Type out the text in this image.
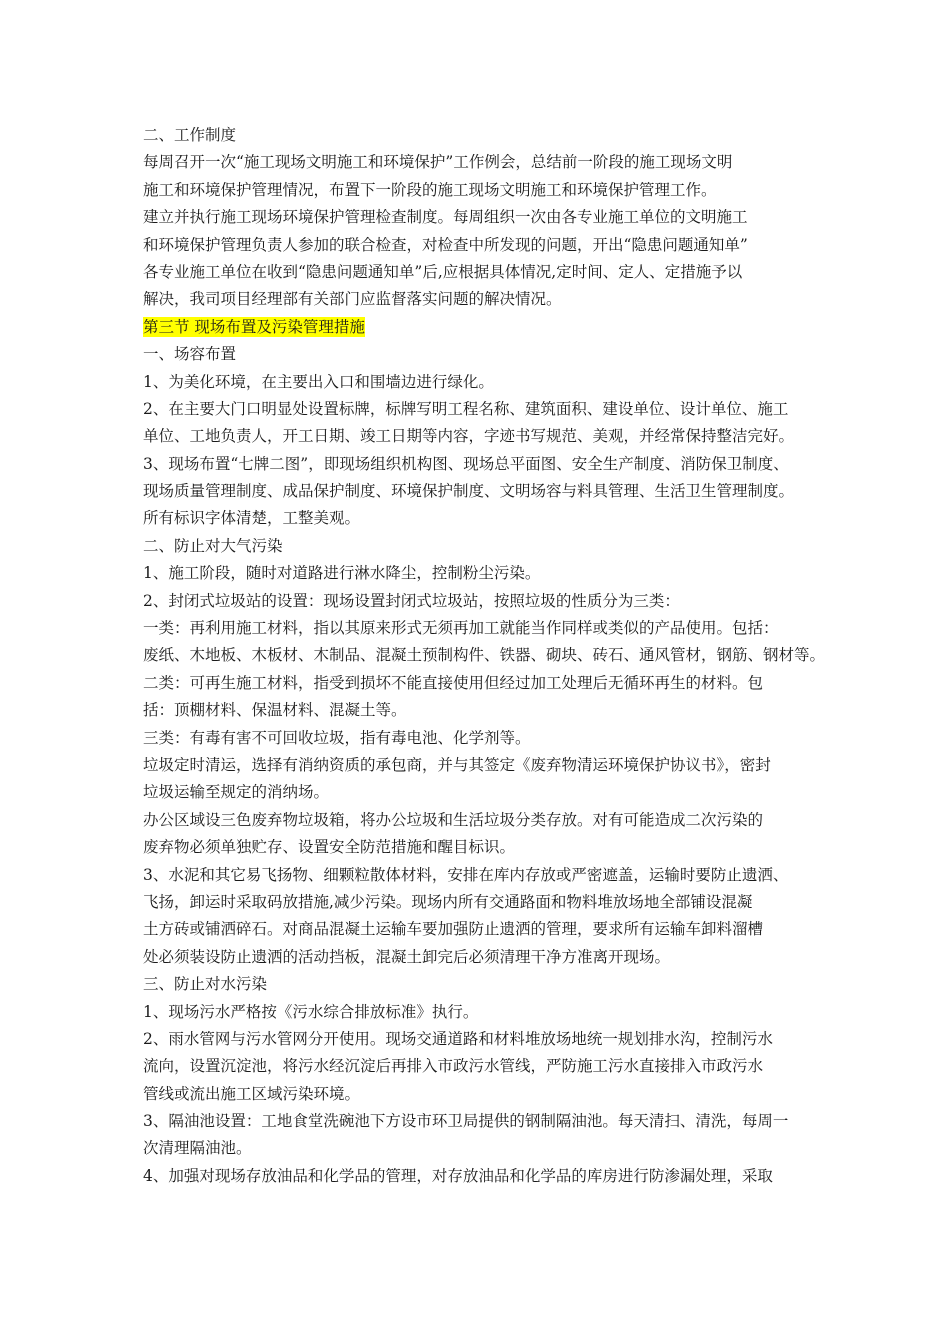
二、工作制度
每周召开一次“施工现场文明施工和环境保护”工作例会，总结前一阶段的施工现场文明
施工和环境保护管理情况，布置下一阶段的施工现场文明施工和环境保护管理工作。
建立并执行施工现场环境保护管理检查制度。每周组织一次由各专业施工单位的文明施工
和环境保护管理负责人参加的联合检查，对检查中所发现的问题，开出“隐患问题通知单”
各专业施工单位在收到“隐患问题通知单”后,应根据具体情况,定时间、定人、定措施予以
解决，我司项目经理部有关部门应监督落实问题的解决情况。
第三节 现场布置及污染管理措施
一、场容布置
1、为美化环境，在主要出入口和围墙边进行绿化。
2、在主要大门口明显处设置标牌，标牌写明工程名称、建筑面积、建设单位、设计单位、施工
单位、工地负责人，开工日期、竣工日期等内容，字迹书写规范、美观，并经常保持整洁完好。
3、现场布置“七牌二图”，即现场组织机构图、现场总平面图、安全生产制度、消防保卫制度、
现场质量管理制度、成品保护制度、环境保护制度、文明场容与料具管理、生活卫生管理制度。
所有标识字体清楚，工整美观。
二、防止对大气污染
1、施工阶段，随时对道路进行淋水降尘，控制粉尘污染。
2、封闭式垃圾站的设置：现场设置封闭式垃圾站，按照垃圾的性质分为三类：
一类：再利用施工材料，指以其原来形式无须再加工就能当作同样或类似的产品使用。包括：
废纸、木地板、木板材、木制品、混凝土预制构件、铁器、砌块、砖石、通风管材，钢筋、钢材等。
二类：可再生施工材料，指受到损坏不能直接使用但经过加工处理后无循环再生的材料。包
括：顶棚材料、保温材料、混凝土等。
三类：有毒有害不可回收垃圾，指有毒电池、化学剂等。
垃圾定时清运，选择有消纳资质的承包商，并与其签定《废弃物清运环境保护协议书》，密封
垃圾运输至规定的消纳场。
办公区域设三色废弃物垃圾箱，将办公垃圾和生活垃圾分类存放。对有可能造成二次污染的
废弃物必须单独贮存、设置安全防范措施和醒目标识。
3、水泥和其它易飞扬物、细颗粒散体材料，安排在库内存放或严密遮盖，运输时要防止遗洒、
飞扬，卸运时采取码放措施,减少污染。现场内所有交通路面和物料堆放场地全部铺设混凝
土方砖或铺洒碎石。对商品混凝土运输车要加强防止遗洒的管理，要求所有运输车卸料溜槽
处必须装设防止遗洒的活动挡板，混凝土卸完后必须清理干净方准离开现场。
三、防止对水污染
1、现场污水严格按《污水综合排放标准》执行。
2、雨水管网与污水管网分开使用。现场交通道路和材料堆放场地统一规划排水沟，控制污水
流向，设置沉淀池，将污水经沉淀后再排入市政污水管线，严防施工污水直接排入市政污水
管线或流出施工区域污染环境。
3、隔油池设置：工地食堂洗碗池下方设市环卫局提供的钢制隔油池。每天清扫、清洗，每周一
次清理隔油池。
4、加强对现场存放油品和化学品的管理，对存放油品和化学品的库房进行防渗漏处理，采取
